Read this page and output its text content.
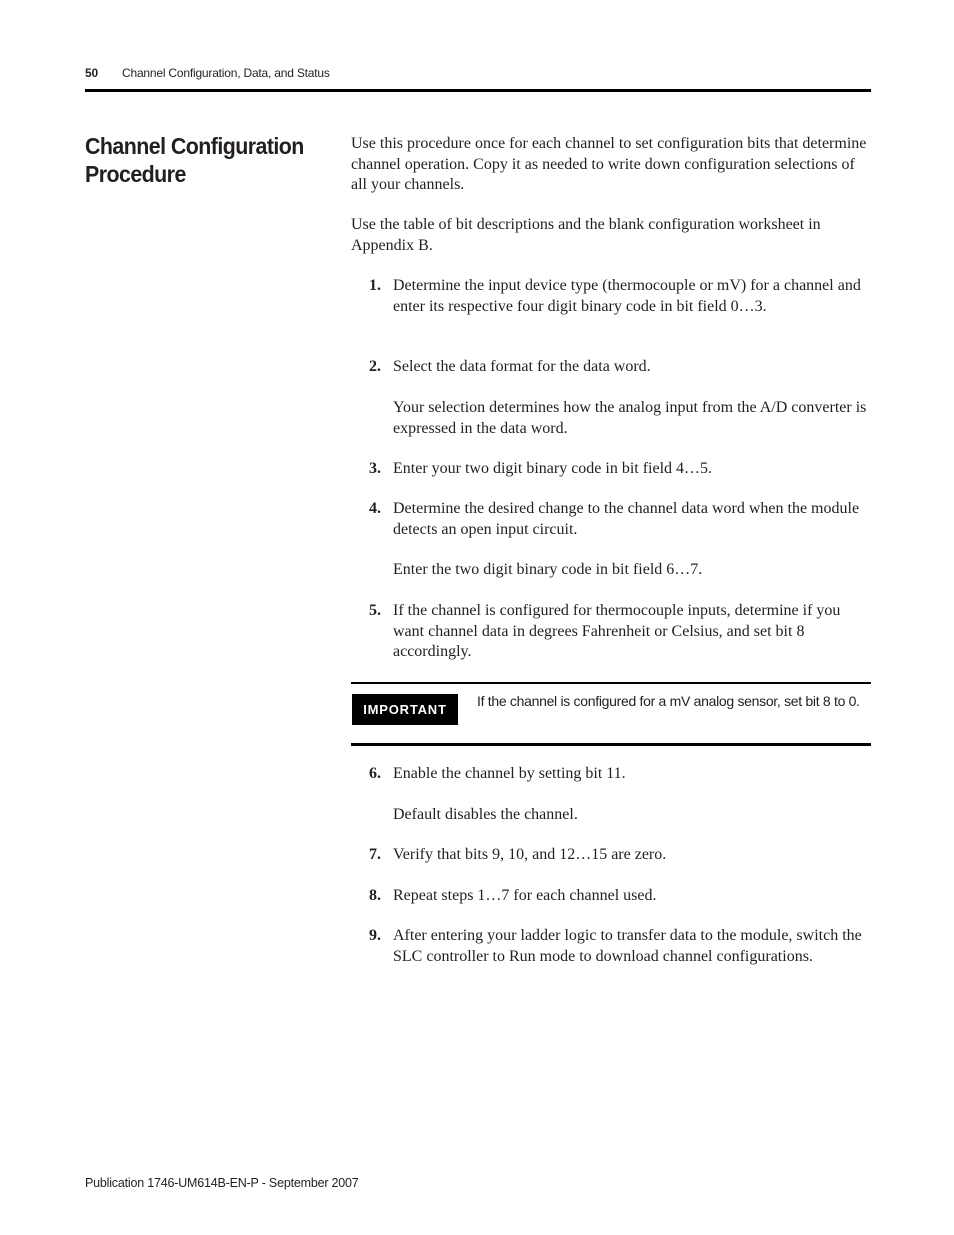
50 Channel Configuration, Data, and Status
Channel Configuration
Procedure

Use this procedure once for each channel to set configuration bits that determine channel operation. Copy it as needed to write down configuration selections of all your channels.

Use the table of bit descriptions and the blank configuration worksheet in Appendix B.

1. Determine the input device type (thermocouple or mV) for a channel and enter its respective four digit binary code in bit field 0…3.
2. Select the data format for the data word.
Your selection determines how the analog input from the A/D converter is expressed in the data word.
3. Enter your two digit binary code in bit field 4…5.
4. Determine the desired change to the channel data word when the module detects an open input circuit.
Enter the two digit binary code in bit field 6…7.
5. If the channel is configured for thermocouple inputs, determine if you want channel data in degrees Fahrenheit or Celsius, and set bit 8 accordingly.
IMPORTANT
If the channel is configured for a mV analog sensor, set bit 8 to 0.
6. Enable the channel by setting bit 11.
Default disables the channel.
7. Verify that bits 9, 10, and 12…15 are zero.
8. Repeat steps 1…7 for each channel used.
9. After entering your ladder logic to transfer data to the module, switch the SLC controller to Run mode to download channel configurations.
Publication 1746-UM614B-EN-P - September 2007
